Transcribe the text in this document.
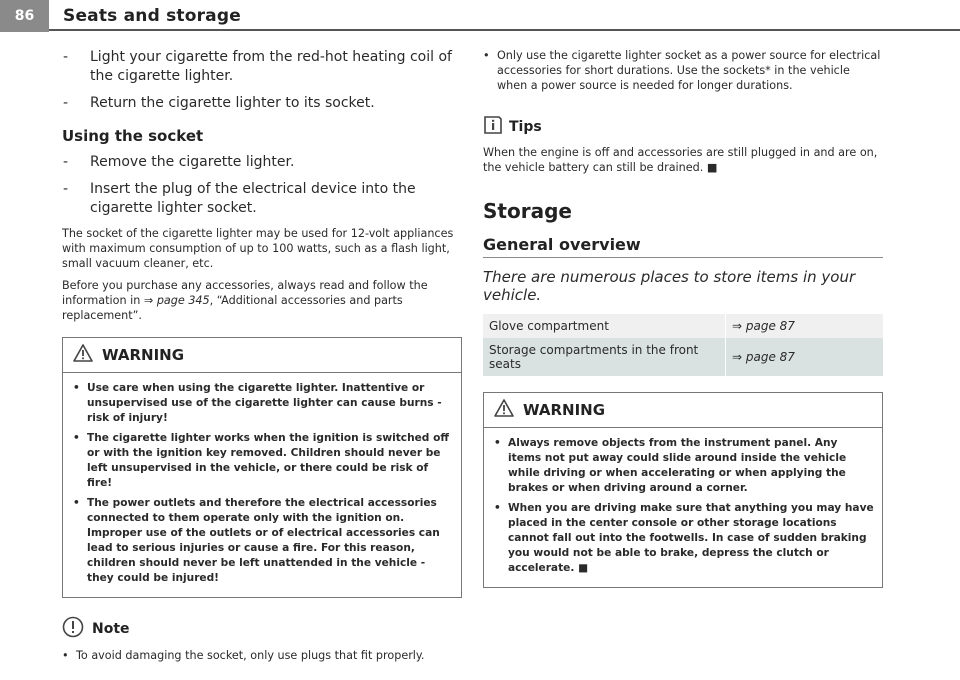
86	Seats and storage
- Light your cigarette from the red-hot heating coil of the cigarette lighter.
- Return the cigarette lighter to its socket.
Using the socket
- Remove the cigarette lighter.
- Insert the plug of the electrical device into the cigarette lighter socket.
The socket of the cigarette lighter may be used for 12-volt appliances with maximum consumption of up to 100 watts, such as a flash light, small vacuum cleaner, etc.
Before you purchase any accessories, always read and follow the information in ⇒ page 345, “Additional accessories and parts replacement”.
WARNING
• Use care when using the cigarette lighter. Inattentive or unsupervised use of the cigarette lighter can cause burns - risk of injury!
• The cigarette lighter works when the ignition is switched off or with the ignition key removed. Children should never be left unsupervised in the vehicle, or there could be risk of fire!
• The power outlets and therefore the electrical accessories connected to them operate only with the ignition on. Improper use of the outlets or of electrical accessories can lead to serious injuries or cause a fire. For this reason, children should never be left unattended in the vehicle - they could be injured!
Note
• To avoid damaging the socket, only use plugs that fit properly.
• Only use the cigarette lighter socket as a power source for electrical accessories for short durations. Use the sockets* in the vehicle when a power source is needed for longer durations.
Tips
When the engine is off and accessories are still plugged in and are on, the vehicle battery can still be drained. ■
Storage
General overview
There are numerous places to store items in your vehicle.
Glove compartment	⇒ page 87
Storage compartments in the front seats	⇒ page 87
WARNING
• Always remove objects from the instrument panel. Any items not put away could slide around inside the vehicle while driving or when accelerating or when applying the brakes or when driving around a corner.
• When you are driving make sure that anything you may have placed in the center console or other storage locations cannot fall out into the footwells. In case of sudden braking you would not be able to brake, depress the clutch or accelerate. ■
